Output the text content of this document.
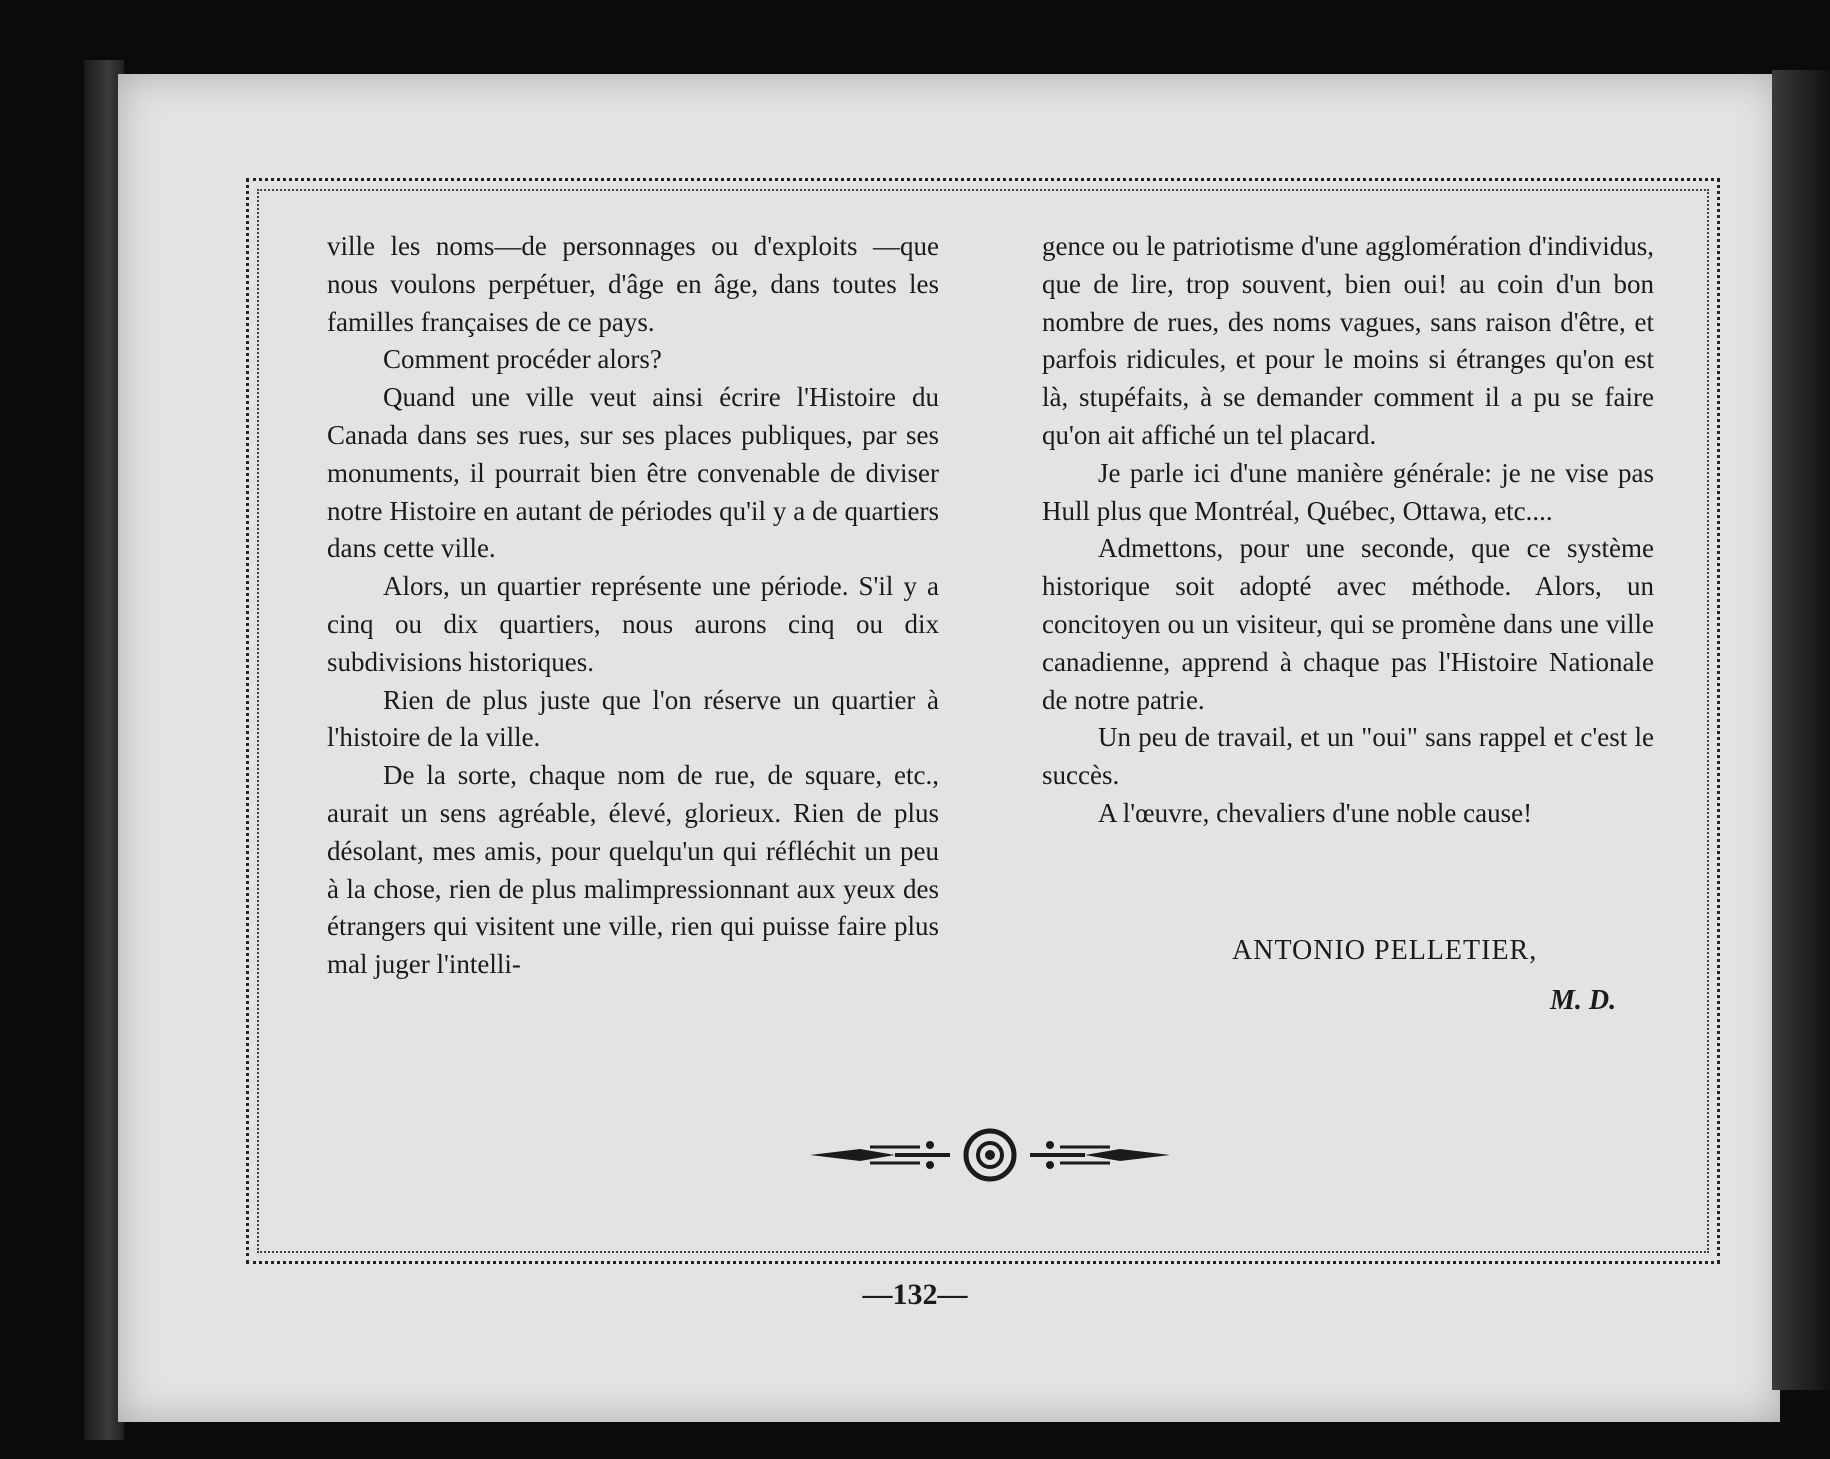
ville les noms—de personnages ou d'exploits —que nous voulons perpétuer, d'âge en âge, dans toutes les familles françaises de ce pays.

Comment procéder alors?

Quand une ville veut ainsi écrire l'Histoire du Canada dans ses rues, sur ses places publiques, par ses monuments, il pourrait bien être convenable de diviser notre Histoire en autant de périodes qu'il y a de quartiers dans cette ville.

Alors, un quartier représente une période. S'il y a cinq ou dix quartiers, nous aurons cinq ou dix subdivisions historiques.

Rien de plus juste que l'on réserve un quartier à l'histoire de la ville.

De la sorte, chaque nom de rue, de square, etc., aurait un sens agréable, élevé, glorieux. Rien de plus désolant, mes amis, pour quelqu'un qui réfléchit un peu à la chose, rien de plus malimpressionnant aux yeux des étrangers qui visitent une ville, rien qui puisse faire plus mal juger l'intelli-

gence ou le patriotisme d'une agglomération d'individus, que de lire, trop souvent, bien oui! au coin d'un bon nombre de rues, des noms vagues, sans raison d'être, et parfois ridicules, et pour le moins si étranges qu'on est là, stupéfaits, à se demander comment il a pu se faire qu'on ait affiché un tel placard.

Je parle ici d'une manière générale: je ne vise pas Hull plus que Montréal, Québec, Ottawa, etc....

Admettons, pour une seconde, que ce système historique soit adopté avec méthode. Alors, un concitoyen ou un visiteur, qui se promène dans une ville canadienne, apprend à chaque pas l'Histoire Nationale de notre patrie.

Un peu de travail, et un "oui" sans rappel et c'est le succès.

A l'œuvre, chevaliers d'une noble cause!

ANTONIO PELLETIER,
M. D.
—132—
